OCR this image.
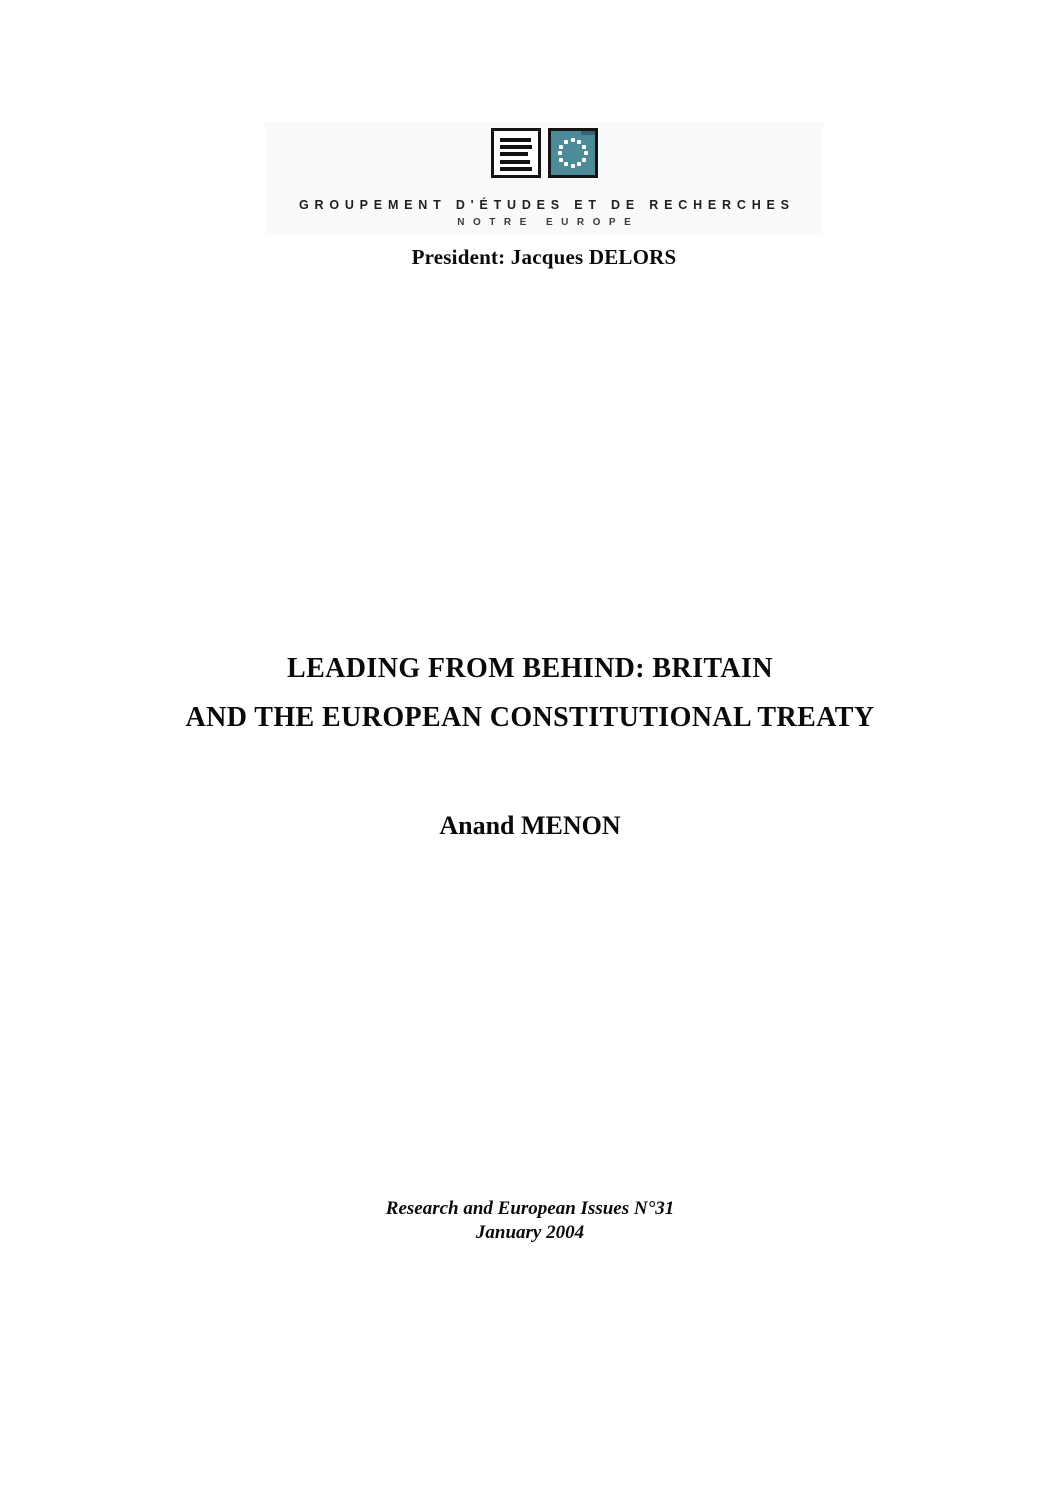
GROUPEMENT D'ÉTUDES ET DE RECHERCHES
NOTRE EUROPE
President: Jacques DELORS
LEADING FROM BEHIND: BRITAIN
AND THE EUROPEAN CONSTITUTIONAL TREATY
Anand MENON
Research and European Issues N°31
January 2004
